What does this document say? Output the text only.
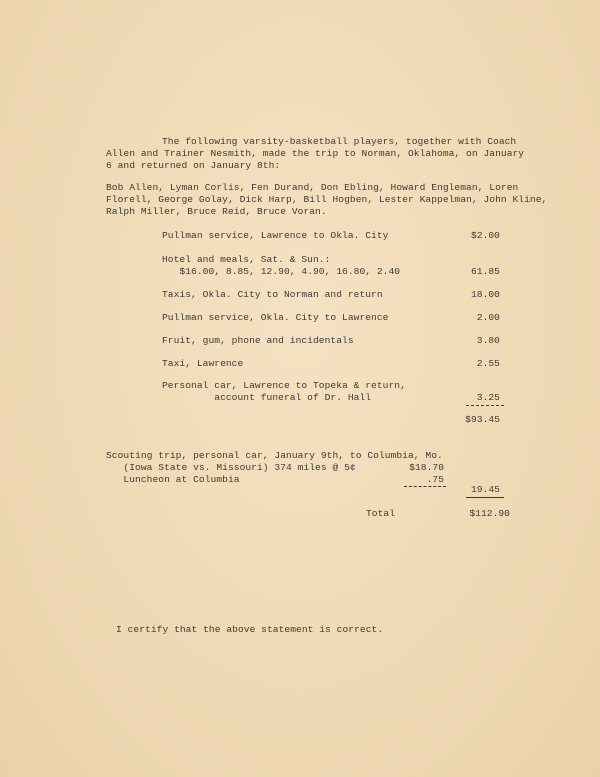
The following varsity-basketball players, together with Coach
Allen and Trainer Nesmith, made the trip to Norman, Oklahoma, on January
6 and returned on January 8th:
Bob Allen, Lyman Corlis, Fen Durand, Don Ebling, Howard Engleman, Loren
Florell, George Golay, Dick Harp, Bill Hogben, Lester Kappelman, John Kline,
Ralph Miller, Bruce Reid, Bruce Voran.
Pullman service, Lawrence to Okla. City	$2.00
Hotel and meals, Sat. & Sun.:
$16.00, 8.85, 12.90, 4.90, 16.80, 2.40	61.85
Taxis, Okla. City to Norman and return	18.00
Pullman service, Okla. City to Lawrence	2.00
Fruit, gum, phone and incidentals	3.80
Taxi, Lawrence	2.55
Personal car, Lawrence to Topeka & return,
account funeral of Dr. Hall	3.25
$93.45
Scouting trip, personal car, January 9th, to Columbia, Mo.
(Iowa State vs. Missouri) 374 miles @ 5¢	$18.70
Luncheon at Columbia	.75
19.45
Total	$112.90
I certify that the above statement is correct.
